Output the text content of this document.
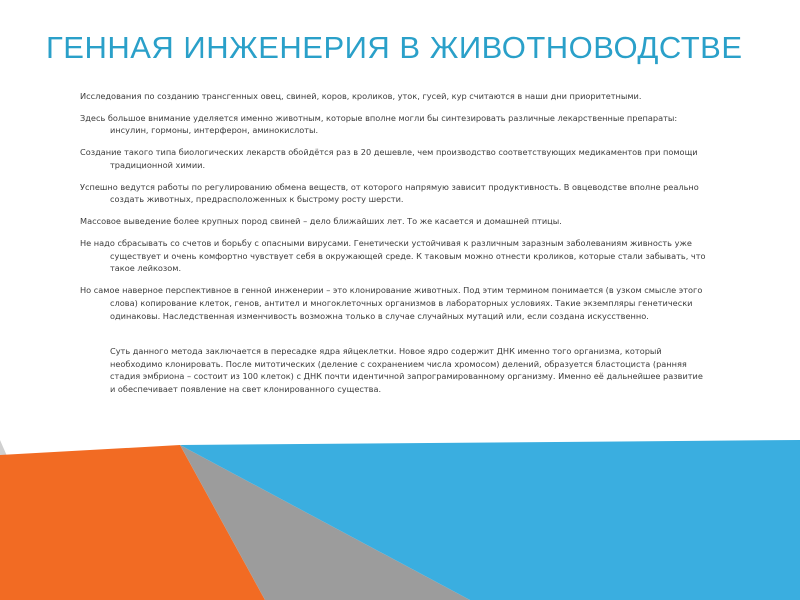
ГЕННАЯ ИНЖЕНЕРИЯ В ЖИВОТНОВОДСТВЕ

Исследования по созданию трансгенных овец, свиней, коров, кроликов, уток, гусей, кур считаются в наши дни приоритетными.

Здесь большое внимание уделяется именно животным, которые вполне могли бы синтезировать различные лекарственные препараты: инсулин, гормоны, интерферон, аминокислоты.

Создание такого типа биологических лекарств обойдётся раз в 20 дешевле, чем производство соответствующих медикаментов при помощи традиционной химии.

Успешно ведутся работы по регулированию обмена веществ, от которого напрямую зависит продуктивность. В овцеводстве вполне реально создать животных, предрасположенных к быстрому росту шерсти.

Массовое выведение более крупных пород свиней – дело ближайших лет. То же касается и домашней птицы.

Не надо сбрасывать со счетов и борьбу с опасными вирусами. Генетически устойчивая к различным заразным заболеваниям живность уже существует и очень комфортно чувствует себя в окружающей среде. К таковым можно отнести кроликов, которые стали забывать, что такое лейкозом.

Но самое наверное перспективное в генной инженерии – это клонирование животных. Под этим термином понимается (в узком смысле этого слова) копирование клеток, генов, антител и многоклеточных организмов в лабораторных условиях. Такие экземпляры генетически одинаковы. Наследственная изменчивость возможна только в случае случайных мутаций или, если создана искусственно.

Суть данного метода заключается в пересадке ядра яйцеклетки. Новое ядро содержит ДНК именно того организма, который необходимо клонировать. После митотических (деление с сохранением числа хромосом) делений, образуется бластоциста (ранняя стадия эмбриона – состоит из 100 клеток) с ДНК почти идентичной запрограмированному организму. Именно её дальнейшее развитие и обеспечивает появление на свет клонированного существа.
